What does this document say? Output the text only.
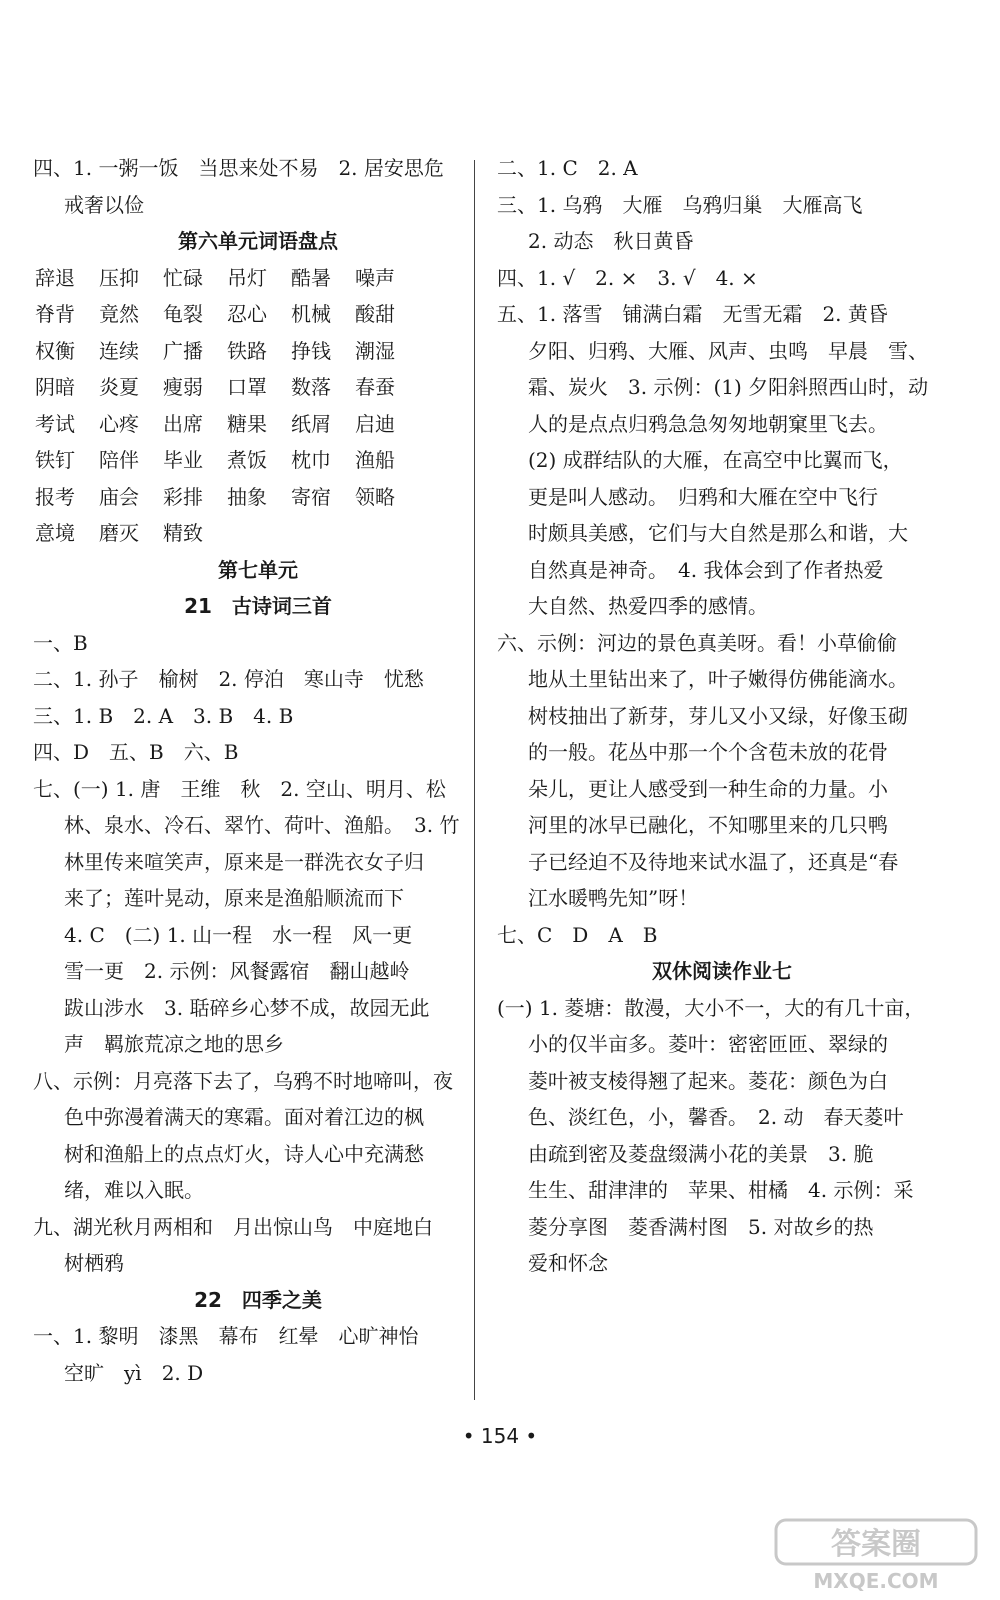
四、1. 一粥一饭　当思来处不易　2. 居安思危
戒奢以俭
第六单元词语盘点
辞退	压抑	忙碌	吊灯	酷暑	噪声
脊背	竟然	龟裂	忍心	机械	酸甜
权衡	连续	广播	铁路	挣钱	潮湿
阴暗	炎夏	瘦弱	口罩	数落	春蚕
考试	心疼	出席	糖果	纸屑	启迪
铁钉	陪伴	毕业	煮饭	枕巾	渔船
报考	庙会	彩排	抽象	寄宿	领略
意境	磨灭	精致
第七单元
21　古诗词三首
一、B
二、1. 孙子　榆树　2. 停泊　寒山寺　忧愁
三、1. B　2. A　3. B　4. B
四、D　五、B　六、B
七、(一) 1. 唐　王维　秋　2. 空山、明月、松
林、泉水、冷石、翠竹、荷叶、渔船。　3. 竹
林里传来喧笑声，原来是一群洗衣女子归
来了；莲叶晃动，原来是渔船顺流而下
4. C　(二) 1. 山一程　水一程　风一更
雪一更　2. 示例：风餐露宿　翻山越岭
跋山涉水　3. 聒碎乡心梦不成，故园无此
声　羁旅荒凉之地的思乡
八、示例：月亮落下去了，乌鸦不时地啼叫，夜
色中弥漫着满天的寒霜。面对着江边的枫
树和渔船上的点点灯火，诗人心中充满愁
绪，难以入眠。
九、湖光秋月两相和　月出惊山鸟　中庭地白
树栖鸦
22　四季之美
一、1. 黎明　漆黑　幕布　红晕　心旷神怡
空旷　yì　2. D
二、1. C　2. A
三、1. 乌鸦　大雁　乌鸦归巢　大雁高飞
2. 动态　秋日黄昏
四、1. √　2. ×　3. √　4. ×
五、1. 落雪　铺满白霜　无雪无霜　2. 黄昏
夕阳、归鸦、大雁、风声、虫鸣　早晨　雪、
霜、炭火　3. 示例：(1) 夕阳斜照西山时，动
人的是点点归鸦急急匆匆地朝窠里飞去。
(2) 成群结队的大雁，在高空中比翼而飞，
更是叫人感动。　归鸦和大雁在空中飞行
时颇具美感，它们与大自然是那么和谐，大
自然真是神奇。　4. 我体会到了作者热爱
大自然、热爱四季的感情。
六、示例：河边的景色真美呀。看！小草偷偷
地从土里钻出来了，叶子嫩得仿佛能滴水。
树枝抽出了新芽，芽儿又小又绿，好像玉砌
的一般。花丛中那一个个含苞未放的花骨
朵儿，更让人感受到一种生命的力量。小
河里的冰早已融化，不知哪里来的几只鸭
子已经迫不及待地来试水温了，还真是“春
江水暖鸭先知”呀！
七、C　D　A　B
双休阅读作业七
(一) 1. 菱塘：散漫，大小不一，大的有几十亩，
小的仅半亩多。菱叶：密密匝匝、翠绿的
菱叶被支棱得翘了起来。菱花：颜色为白
色、淡红色，小，馨香。　2. 动　春天菱叶
由疏到密及菱盘缀满小花的美景　3. 脆
生生、甜津津的　苹果、柑橘　4. 示例：采
菱分享图　菱香满村图　5. 对故乡的热
爱和怀念
• 154 •
答案圈
MXQE.COM
